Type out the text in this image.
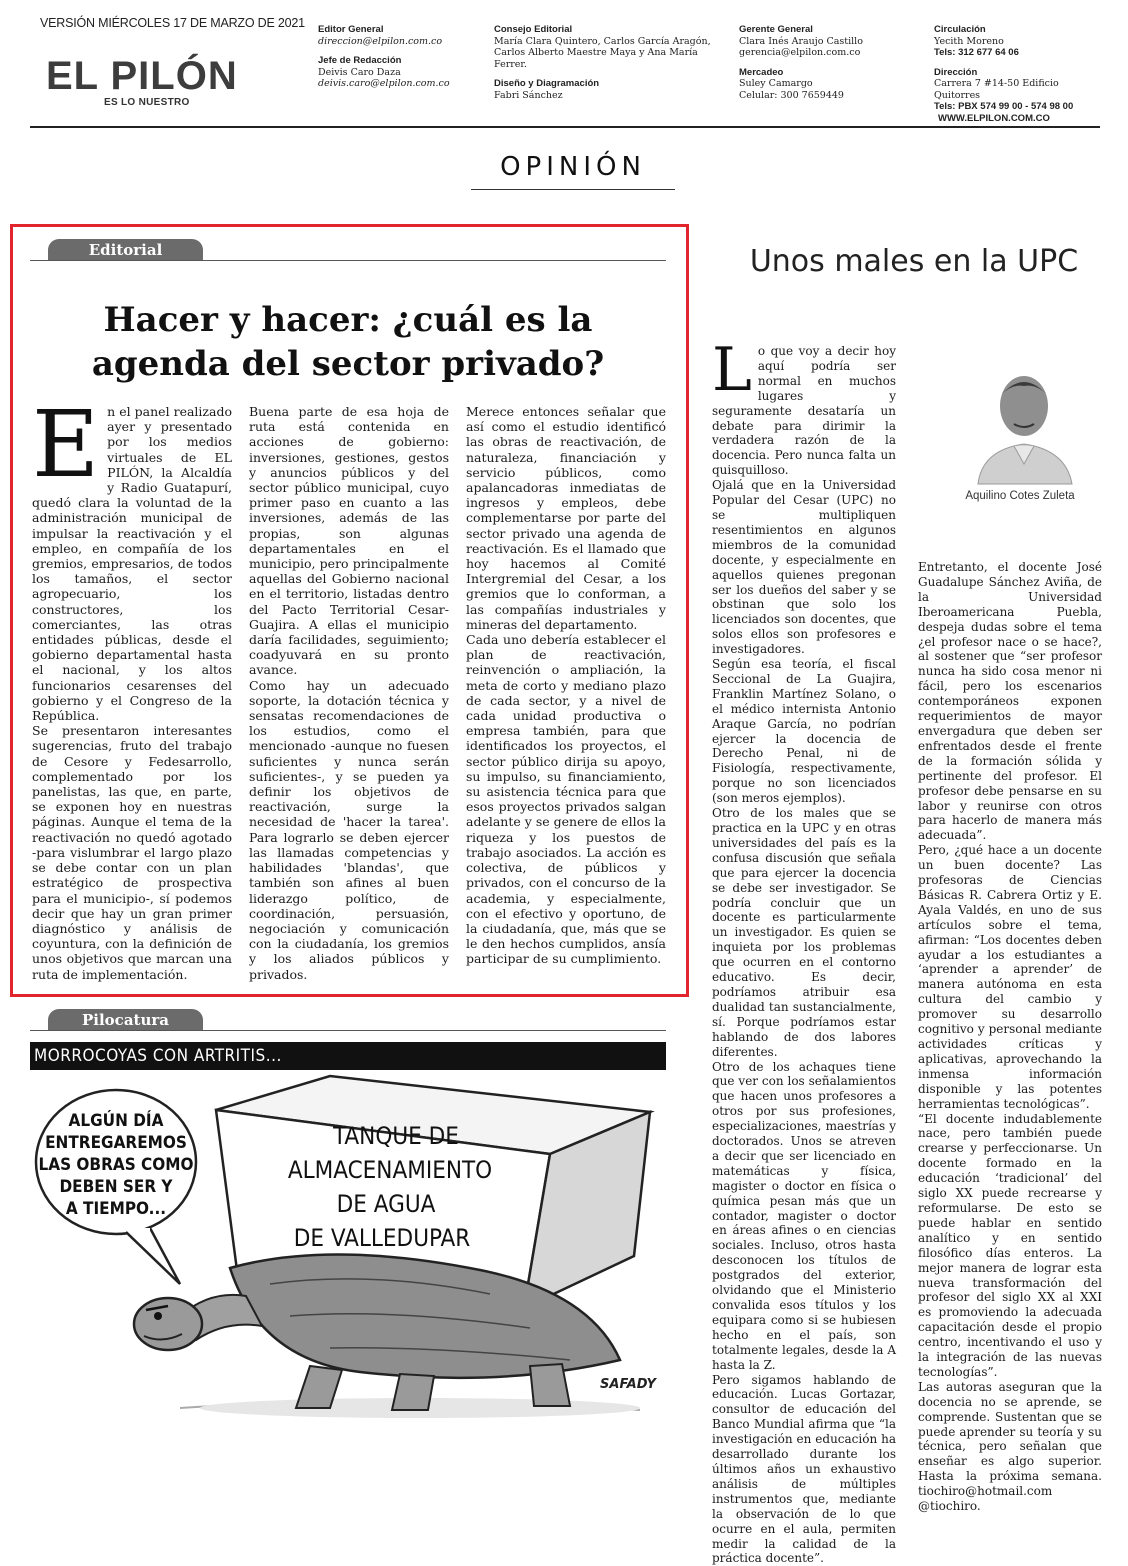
VERSIÓN MIÉRCOLES 17 DE MARZO DE 2021
EL PILÓN
ES LO NUESTRO
Editor General
direccion@elpilon.com.co
Jefe de Redacción
Deivis Caro Daza
deivis.caro@elpilon.com.co
Consejo Editorial
María Clara Quintero, Carlos García Aragón,
Carlos Alberto Maestre Maya y Ana María
Ferrer.
Diseño y Diagramación
Fabri Sánchez
Gerente General
Clara Inés Araujo Castillo
gerencia@elpilon.com.co
Mercadeo
Suley Camargo
Celular: 300 7659449
Circulación
Yecith Moreno
Tels: 312 677 64 06
Dirección
Carrera 7 #14-50 Edificio Quitorres
Tels: PBX 574 99 00 - 574 98 00
WWW.ELPILON.COM.CO
OPINIÓN
Editorial
Hacer y hacer: ¿cuál es la
agenda del sector privado?
E n el panel realizado ayer y presentado por los medios virtuales de EL PILÓN, la Alcaldía y Radio Guatapurí, quedó clara la voluntad de la administración municipal de impulsar la reactivación y el empleo, en compañía de los gremios, empresarios, de todos los tamaños, el sector agropecuario, los constructores, los comerciantes, las otras entidades públicas, desde el gobierno departamental hasta el nacional, y los altos funcionarios cesarenses del gobierno y el Congreso de la República.

Se presentaron interesantes sugerencias, fruto del trabajo de Cesore y Fedesarrollo, complementado por los panelistas, las que, en parte, se exponen hoy en nuestras páginas. Aunque el tema de la reactivación no quedó agotado -para vislumbrar el largo plazo se debe contar con un plan estratégico de prospectiva para el municipio-, sí podemos decir que hay un gran primer diagnóstico y análisis de coyuntura, con la definición de unos objetivos que marcan una ruta de implementación.

Buena parte de esa hoja de ruta está contenida en acciones de gobierno: inversiones, gestiones, gestos y anuncios públicos y del sector público municipal, cuyo primer paso en cuanto a las inversiones, además de las propias, son algunas departamentales en el municipio, pero principalmente aquellas del Gobierno nacional en el territorio, listadas dentro del Pacto Territorial Cesar-Guajira. A ellas el municipio daría facilidades, seguimiento; coadyuvará en su pronto avance.

Como hay un adecuado soporte, la dotación técnica y sensatas recomendaciones de los estudios, como el mencionado -aunque no fuesen suficientes y nunca serán suficientes-, y se pueden ya definir los objetivos de reactivación, surge la necesidad de 'hacer la tarea'. Para lograrlo se deben ejercer las llamadas competencias y habilidades 'blandas', que también son afines al buen liderazgo político, de coordinación, persuasión, negociación y comunicación con la ciudadanía, los gremios y los aliados públicos y privados.

Merece entonces señalar que así como el estudio identificó las obras de reactivación, de naturaleza, financiación y servicio públicos, como apalancadoras inmediatas de ingresos y empleos, debe complementarse por parte del sector privado una agenda de reactivación. Es el llamado que hoy hacemos al Comité Intergremial del Cesar, a los gremios que lo conforman, a las compañías industriales y mineras del departamento.

Cada uno debería establecer el plan de reactivación, reinvención o ampliación, la meta de corto y mediano plazo de cada sector, y a nivel de cada unidad productiva o empresa también, para que identificados los proyectos, el sector público dirija su apoyo, su impulso, su financiamiento, su asistencia técnica para que esos proyectos privados salgan adelante y se genere de ellos la riqueza y los puestos de trabajo asociados. La acción es colectiva, de públicos y privados, con el concurso de la academia, y especialmente, con el efectivo y oportuno, de la ciudadanía, que, más que se le den hechos cumplidos, ansía participar de su cumplimiento.

Pilocatura
MORROCOYAS CON ARTRITIS...
ALGÚN DÍA
ENTREGAREMOS
LAS OBRAS COMO
DEBEN SER Y
A TIEMPO...
TANQUE DE
ALMACENAMIENTO
DE AGUA
DE VALLEDUPAR
SAFADY
Unos males en la UPC
Aquilino Cotes Zuleta
L o que voy a decir hoy aquí podría ser normal en muchos lugares y seguramente desataría un debate para dirimir la verdadera razón de la docencia. Pero nunca falta un quisquilloso.

Ojalá que en la Universidad Popular del Cesar (UPC) no se multipliquen resentimientos en algunos miembros de la comunidad docente, y especialmente en aquellos quienes pregonan ser los dueños del saber y se obstinan que solo los licenciados son docentes, que solos ellos son profesores e investigadores.

Según esa teoría, el fiscal Seccional de La Guajira, Franklin Martínez Solano, o el médico internista Antonio Araque García, no podrían ejercer la docencia de Derecho Penal, ni de Fisiología, respectivamente, porque no son licenciados (son meros ejemplos).

Otro de los males que se practica en la UPC y en otras universidades del país es la confusa discusión que señala que para ejercer la docencia se debe ser investigador. Se podría concluir que un docente es particularmente un investigador. Es quien se inquieta por los problemas que ocurren en el contorno educativo. Es decir, podríamos atribuir esa dualidad tan sustancialmente, sí. Porque podríamos estar hablando de dos labores diferentes.

Otro de los achaques tiene que ver con los señalamientos que hacen unos profesores a otros por sus profesiones, especializaciones, maestrías y doctorados. Unos se atreven a decir que ser licenciado en matemáticas y física, magister o doctor en física o química pesan más que un contador, magister o doctor en áreas afines o en ciencias sociales. Incluso, otros hasta desconocen los títulos de postgrados del exterior, olvidando que el Ministerio convalida esos títulos y los equipara como si se hubiesen hecho en el país, son totalmente legales, desde la A hasta la Z.

Pero sigamos hablando de educación. Lucas Gortazar, consultor de educación del Banco Mundial afirma que “la investigación en educación ha desarrollado durante los últimos años un exhaustivo análisis de múltiples instrumentos que, mediante la observación de lo que ocurre en el aula, permiten medir la calidad de la práctica docente”.

Entretanto, el docente José Guadalupe Sánchez Aviña, de la Universidad Iberoamericana Puebla, despeja dudas sobre el tema ¿el profesor nace o se hace?, al sostener que “ser profesor nunca ha sido cosa menor ni fácil, pero los escenarios contemporáneos exponen requerimientos de mayor envergadura que deben ser enfrentados desde el frente de la formación sólida y pertinente del profesor. El profesor debe pensarse en su labor y reunirse con otros para hacerlo de manera más adecuada”.

Pero, ¿qué hace a un docente un buen docente? Las profesoras de Ciencias Básicas R. Cabrera Ortiz y E. Ayala Valdés, en uno de sus artículos sobre el tema, afirman: “Los docentes deben ayudar a los estudiantes a ‘aprender a aprender’ de manera autónoma en esta cultura del cambio y promover su desarrollo cognitivo y personal mediante actividades críticas y aplicativas, aprovechando la inmensa información disponible y las potentes herramientas tecnológicas”.

“El docente indudablemente nace, pero también puede crearse y perfeccionarse. Un docente formado en la educación ‘tradicional’ del siglo XX puede recrearse y reformularse. De esto se puede hablar en sentido analítico y en sentido filosófico días enteros. La mejor manera de lograr esta nueva transformación del profesor del siglo XX al XXI es promoviendo la adecuada capacitación desde el propio centro, incentivando el uso y la integración de las nuevas tecnologías”.

Las autoras aseguran que la docencia no se aprende, se comprende. Sustentan que se puede aprender su teoría y su técnica, pero señalan que enseñar es algo superior. Hasta la próxima semana. tiochiro@hotmail.com @tiochiro.
